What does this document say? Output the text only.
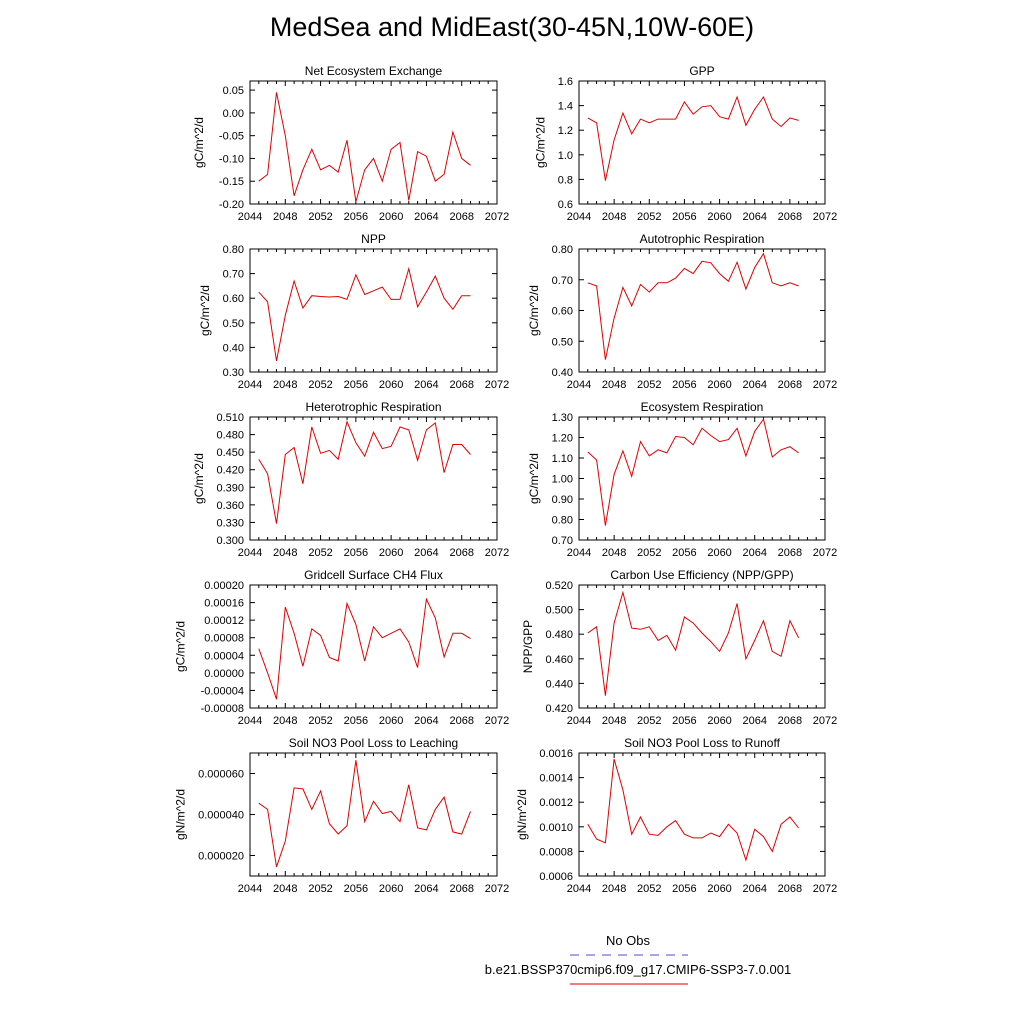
MedSea and MidEast(30-45N,10W-60E)
2044 2048 2052 2056 2060 2064 2068 2072
-0.20
-0.15
-0.10
-0.05
0.00
0.05
Net Ecosystem Exchange
gC/m^2/d
2044 2048 2052 2056 2060 2064 2068 2072
0.6
0.8
1.0
1.2
1.4
1.6
GPP
gC/m^2/d
2044 2048 2052 2056 2060 2064 2068 2072
0.30
0.40
0.50
0.60
0.70
0.80
NPP
gC/m^2/d
2044 2048 2052 2056 2060 2064 2068 2072
0.40
0.50
0.60
0.70
0.80
Autotrophic Respiration
gC/m^2/d
2044 2048 2052 2056 2060 2064 2068 2072
0.300
0.330
0.360
0.390
0.420
0.450
0.480
0.510
Heterotrophic Respiration
gC/m^2/d
2044 2048 2052 2056 2060 2064 2068 2072
0.70
0.80
0.90
1.00
1.10
1.20
1.30
Ecosystem Respiration
gC/m^2/d
2044 2048 2052 2056 2060 2064 2068 2072
-0.00008
-0.00004
0.00000
0.00004
0.00008
0.00012
0.00016
0.00020
Gridcell Surface CH4 Flux
gC/m^2/d
2044 2048 2052 2056 2060 2064 2068 2072
0.420
0.440
0.460
0.480
0.500
0.520
Carbon Use Efficiency (NPP/GPP)
NPP/GPP
2044 2048 2052 2056 2060 2064 2068 2072
0.000020
0.000040
0.000060
Soil NO3 Pool Loss to Leaching
gN/m^2/d
2044 2048 2052 2056 2060 2064 2068 2072
0.0006
0.0008
0.0010
0.0012
0.0014
0.0016
Soil NO3 Pool Loss to Runoff
gN/m^2/d
No Obs
b.e21.BSSP370cmip6.f09_g17.CMIP6-SSP3-7.0.001
